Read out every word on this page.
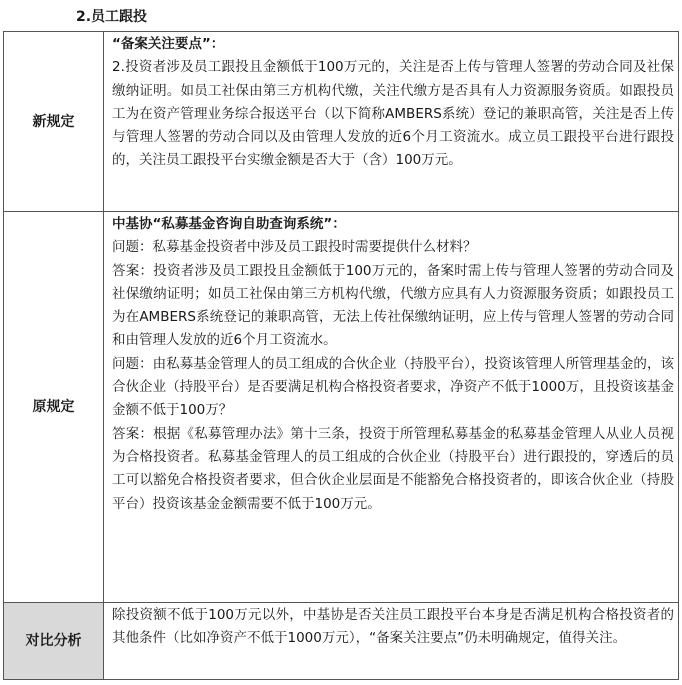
2.员工跟投
新规定	“备案关注要点”：

2.投资者涉及员工跟投且金额低于100万元的，关注是否上传与管理人签署的劳动合同及社保缴纳证明。如员工社保由第三方机构代缴，关注代缴方是否具有人力资源服务资质。如跟投员工为在资产管理业务综合报送平台（以下简称AMBERS系统）登记的兼职高管，关注是否上传与管理人签署的劳动合同以及由管理人发放的近6个月工资流水。成立员工跟投平台进行跟投的，关注员工跟投平台实缴金额是否大于（含）100万元。

原规定	中基协“私募基金咨询自助查询系统”：

问题：私募基金投资者中涉及员工跟投时需要提供什么材料？

答案：投资者涉及员工跟投且金额低于100万元的，备案时需上传与管理人签署的劳动合同及社保缴纳证明；如员工社保由第三方机构代缴，代缴方应具有人力资源服务资质；如跟投员工为在AMBERS系统登记的兼职高管，无法上传社保缴纳证明，应上传与管理人签署的劳动合同和由管理人发放的近6个月工资流水。

问题：由私募基金管理人的员工组成的合伙企业（持股平台），投资该管理人所管理基金的，该合伙企业（持股平台）是否要满足机构合格投资者要求，净资产不低于1000万，且投资该基金金额不低于100万？

答案：根据《私募管理办法》第十三条，投资于所管理私募基金的私募基金管理人从业人员视为合格投资者。私募基金管理人的员工组成的合伙企业（持股平台）进行跟投的，穿透后的员工可以豁免合格投资者要求，但合伙企业层面是不能豁免合格投资者的，即该合伙企业（持股平台）投资该基金金额需要不低于100万元。

对比分析	除投资额不低于100万元以外，中基协是否关注员工跟投平台本身是否满足机构合格投资者的其他条件（比如净资产不低于1000万元），“备案关注要点”仍未明确规定，值得关注。
